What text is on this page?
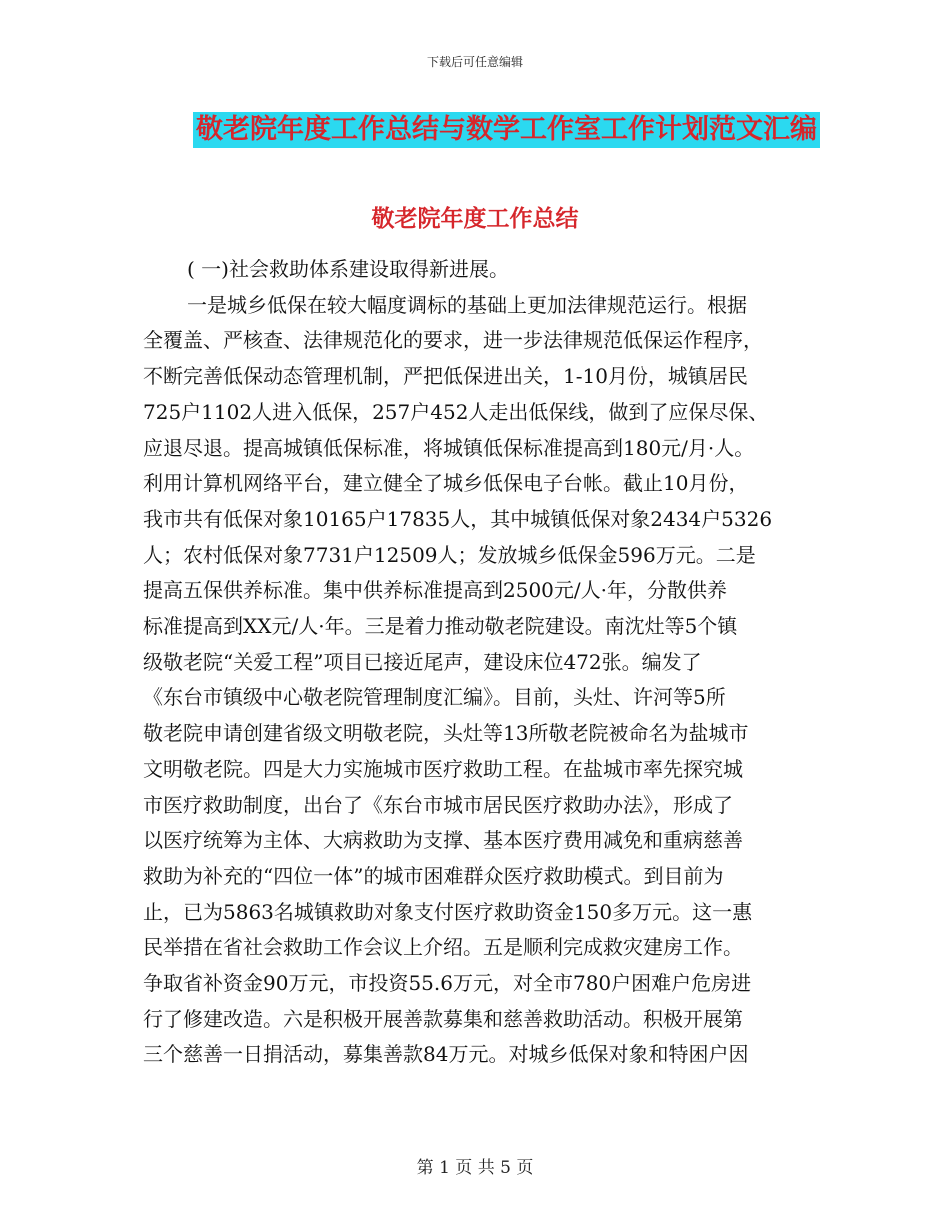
下载后可任意编辑
敬老院年度工作总结与数学工作室工作计划范文汇编
敬老院年度工作总结

( 一)社会救助体系建设取得新进展。

一是城乡低保在较大幅度调标的基础上更加法律规范运行。根据
全覆盖、严核查、法律规范化的要求，进一步法律规范低保运作程序，
不断完善低保动态管理机制，严把低保进出关，1-10月份，城镇居民
725户1102人进入低保，257户452人走出低保线，做到了应保尽保、
应退尽退。提高城镇低保标准，将城镇低保标准提高到180元/月·人。
利用计算机网络平台，建立健全了城乡低保电子台帐。截止10月份，
我市共有低保对象10165户17835人，其中城镇低保对象2434户5326
人；农村低保对象7731户12509人；发放城乡低保金596万元。二是
提高五保供养标准。集中供养标准提高到2500元/人·年，分散供养
标准提高到XX元/人·年。三是着力推动敬老院建设。南沈灶等5个镇
级敬老院“关爱工程”项目已接近尾声，建设床位472张。编发了
《东台市镇级中心敬老院管理制度汇编》。目前，头灶、许河等5所
敬老院申请创建省级文明敬老院，头灶等13所敬老院被命名为盐城市
文明敬老院。四是大力实施城市医疗救助工程。在盐城市率先探究城
市医疗救助制度，出台了《东台市城市居民医疗救助办法》，形成了
以医疗统筹为主体、大病救助为支撑、基本医疗费用减免和重病慈善
救助为补充的“四位一体”的城市困难群众医疗救助模式。到目前为
止，已为5863名城镇救助对象支付医疗救助资金150多万元。这一惠
民举措在省社会救助工作会议上介绍。五是顺利完成救灾建房工作。
争取省补资金90万元，市投资55.6万元，对全市780户困难户危房进
行了修建改造。六是积极开展善款募集和慈善救助活动。积极开展第
三个慈善一日捐活动，募集善款84万元。对城乡低保对象和特困户因

第 1 页 共 5 页
